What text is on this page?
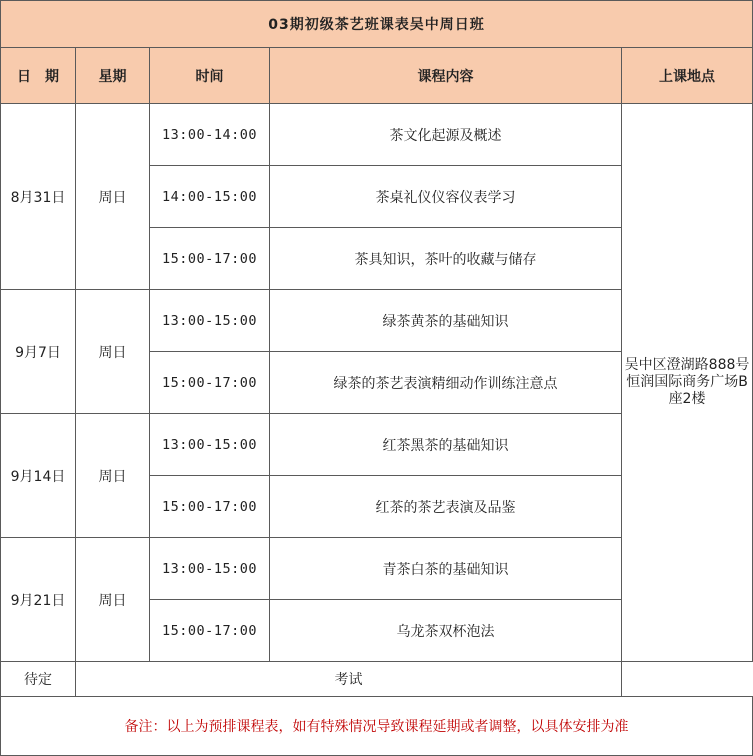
03期初级茶艺班课表吴中周日班				
日　期	星期	时间	课程内容	上课地点
8月31日	周日	13:00-14:00	茶文化起源及概述	吴中区澄湖路888号恒润国际商务广场B座2楼
		14:00-15:00	茶桌礼仪仪容仪表学习	
		15:00-17:00	茶具知识，茶叶的收藏与储存	
9月7日	周日	13:00-15:00	绿茶黄茶的基础知识	
		15:00-17:00	绿茶的茶艺表演精细动作训练注意点	
9月14日	周日	13:00-15:00	红茶黑茶的基础知识	
		15:00-17:00	红茶的茶艺表演及品鉴	
9月21日	周日	13:00-15:00	青茶白茶的基础知识	
		15:00-17:00	乌龙茶双杯泡法	
待定	考试			
备注：以上为预排课程表，如有特殊情况导致课程延期或者调整，以具体安排为准				
